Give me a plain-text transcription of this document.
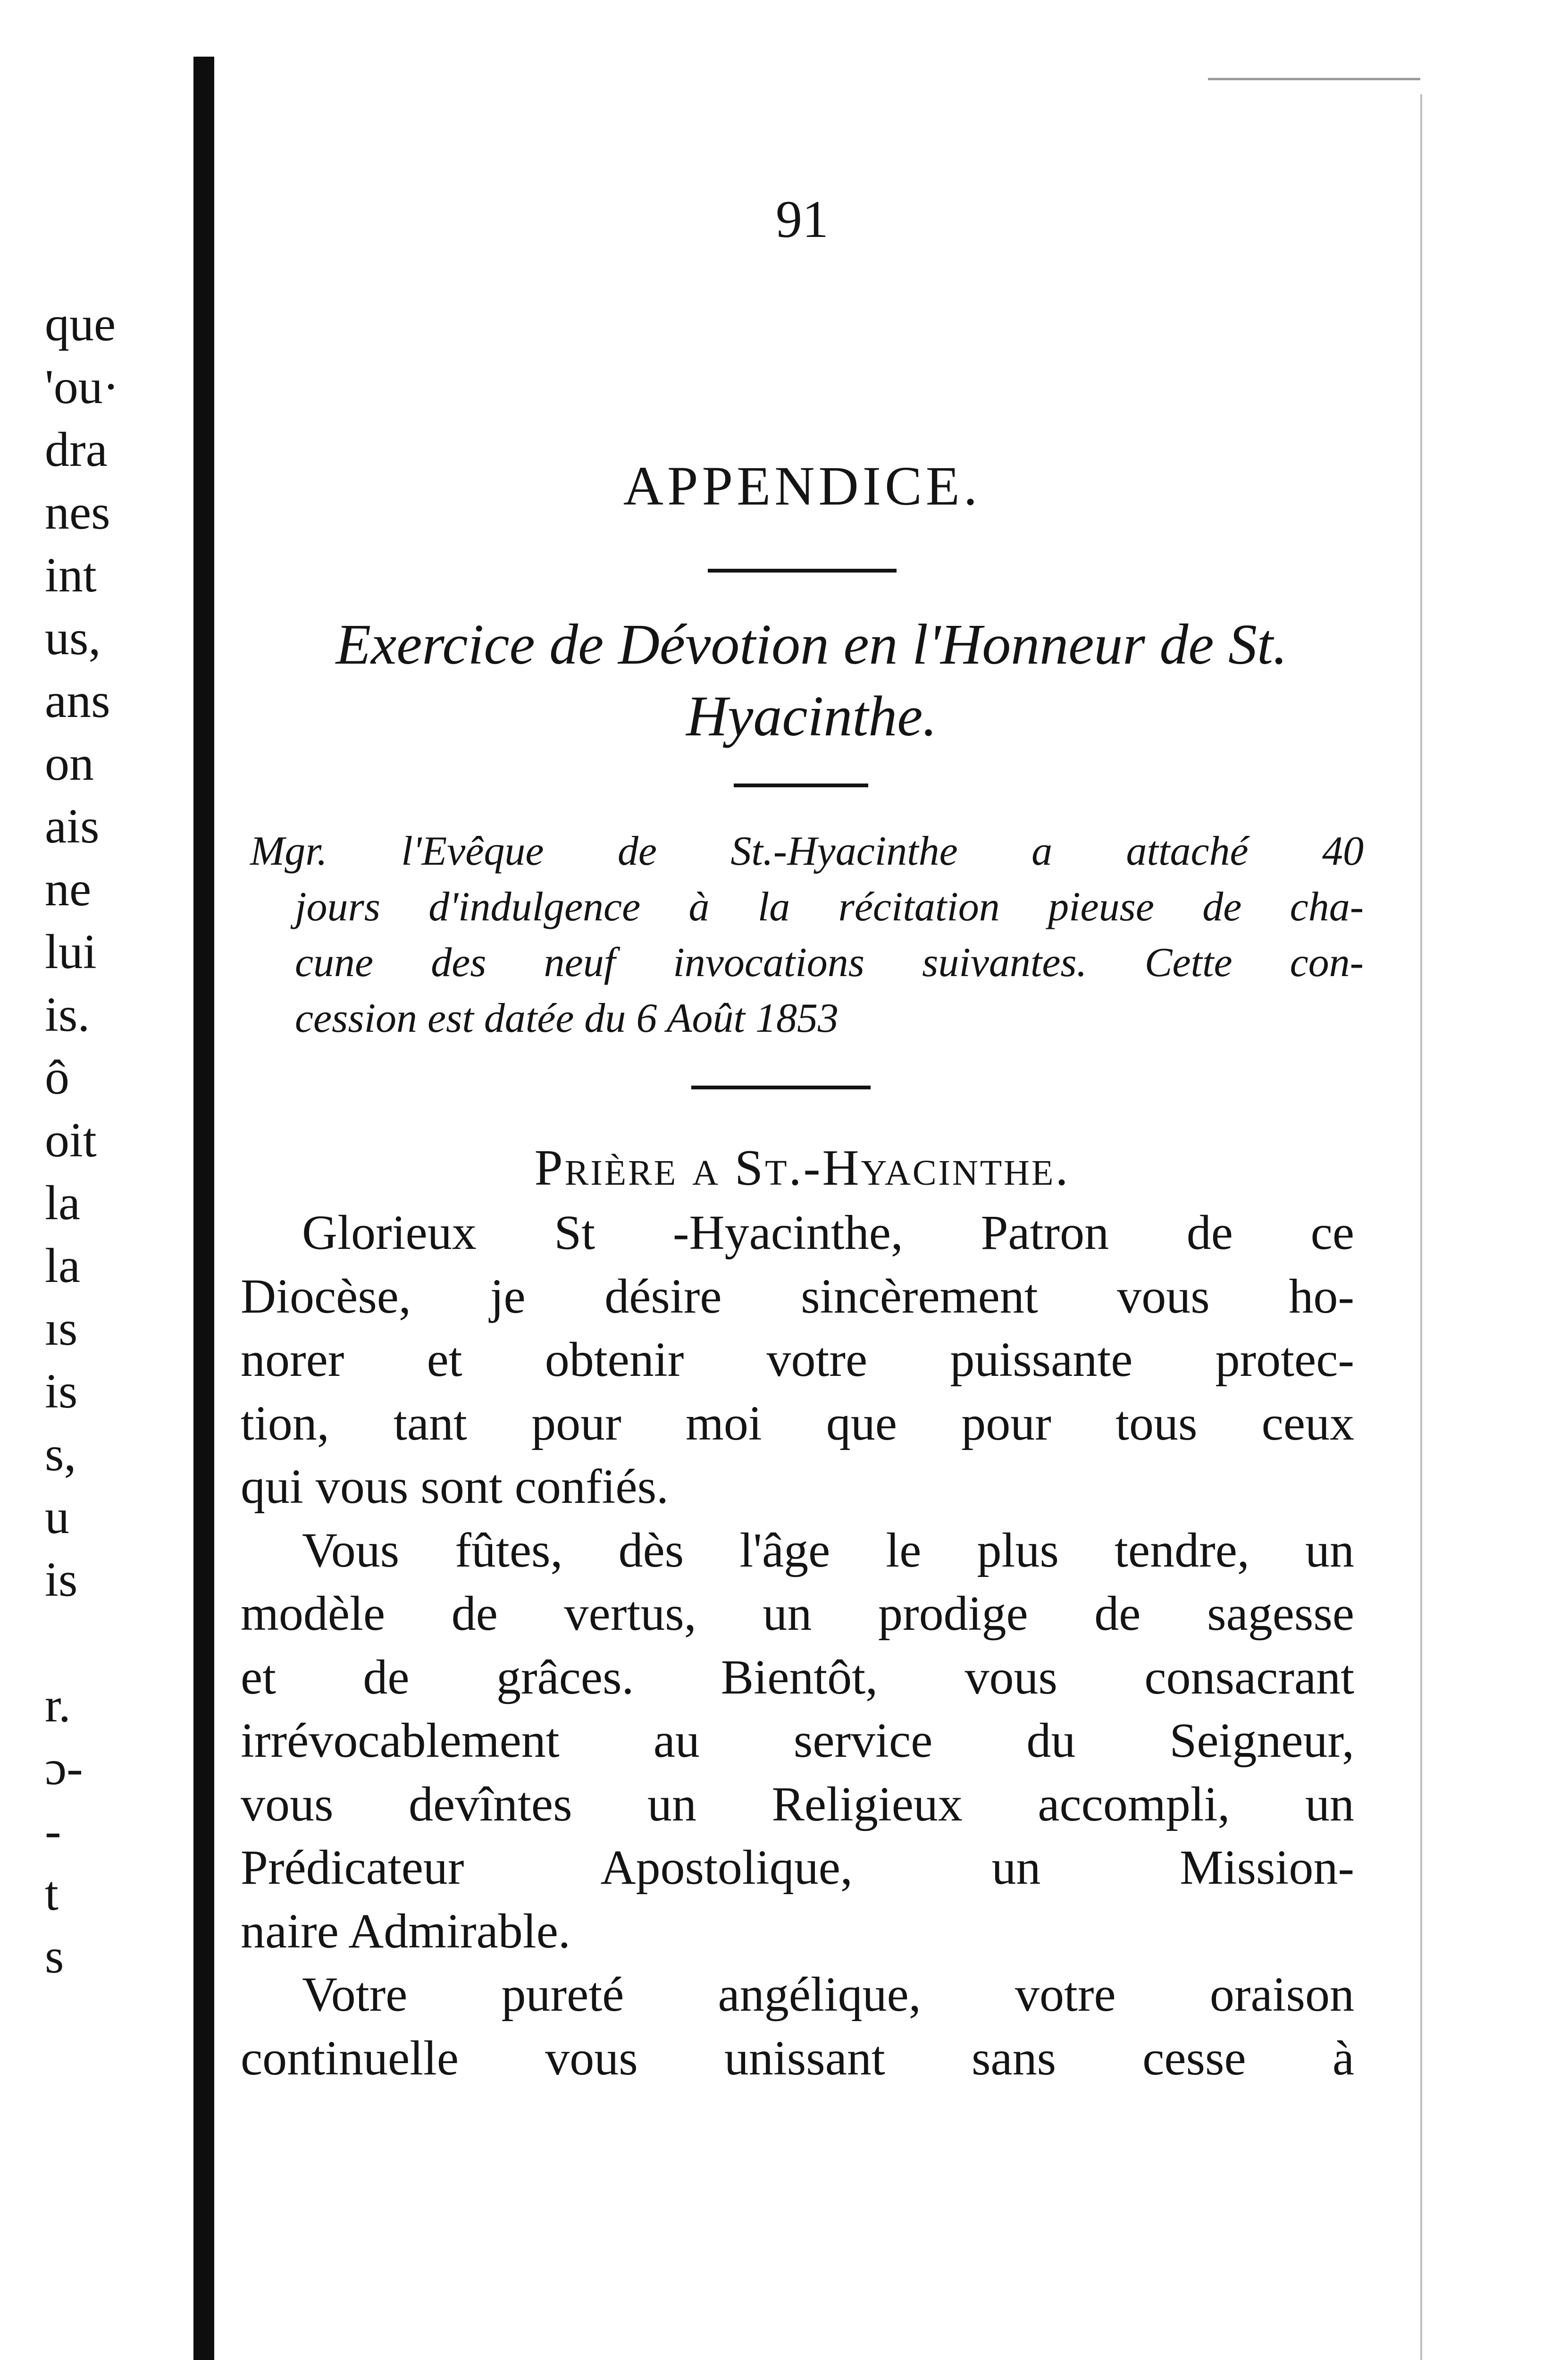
que
'ou·
dra
nes
int
us,
ans
on
ais
ne
lui
is.
ô
oit
la
la
ıs
is
s,
u
is
r.
ɔ-
-
t
s
91
APPENDICE.
Exercice de Dévotion en l'Honneur de St.
Hyacinthe.
Mgr. l'Evêque de St.-Hyacinthe a attaché 40
jours d'indulgence à la récitation pieuse de cha-
cune des neuf invocations suivantes. Cette con-
cession est datée du 6 Août 1853
Prière a St.-Hyacinthe.
Glorieux St -Hyacinthe, Patron de ce
Diocèse, je désire sincèrement vous ho-
norer et obtenir votre puissante protec-
tion, tant pour moi que pour tous ceux
qui vous sont confiés.
Vous fûtes, dès l'âge le plus tendre, un
modèle de vertus, un prodige de sagesse
et de grâces. Bientôt, vous consacrant
irrévocablement au service du Seigneur,
vous devîntes un Religieux accompli, un
Prédicateur Apostolique, un Mission-
naire Admirable.
Votre pureté angélique, votre oraison
continuelle vous unissant sans cesse à
